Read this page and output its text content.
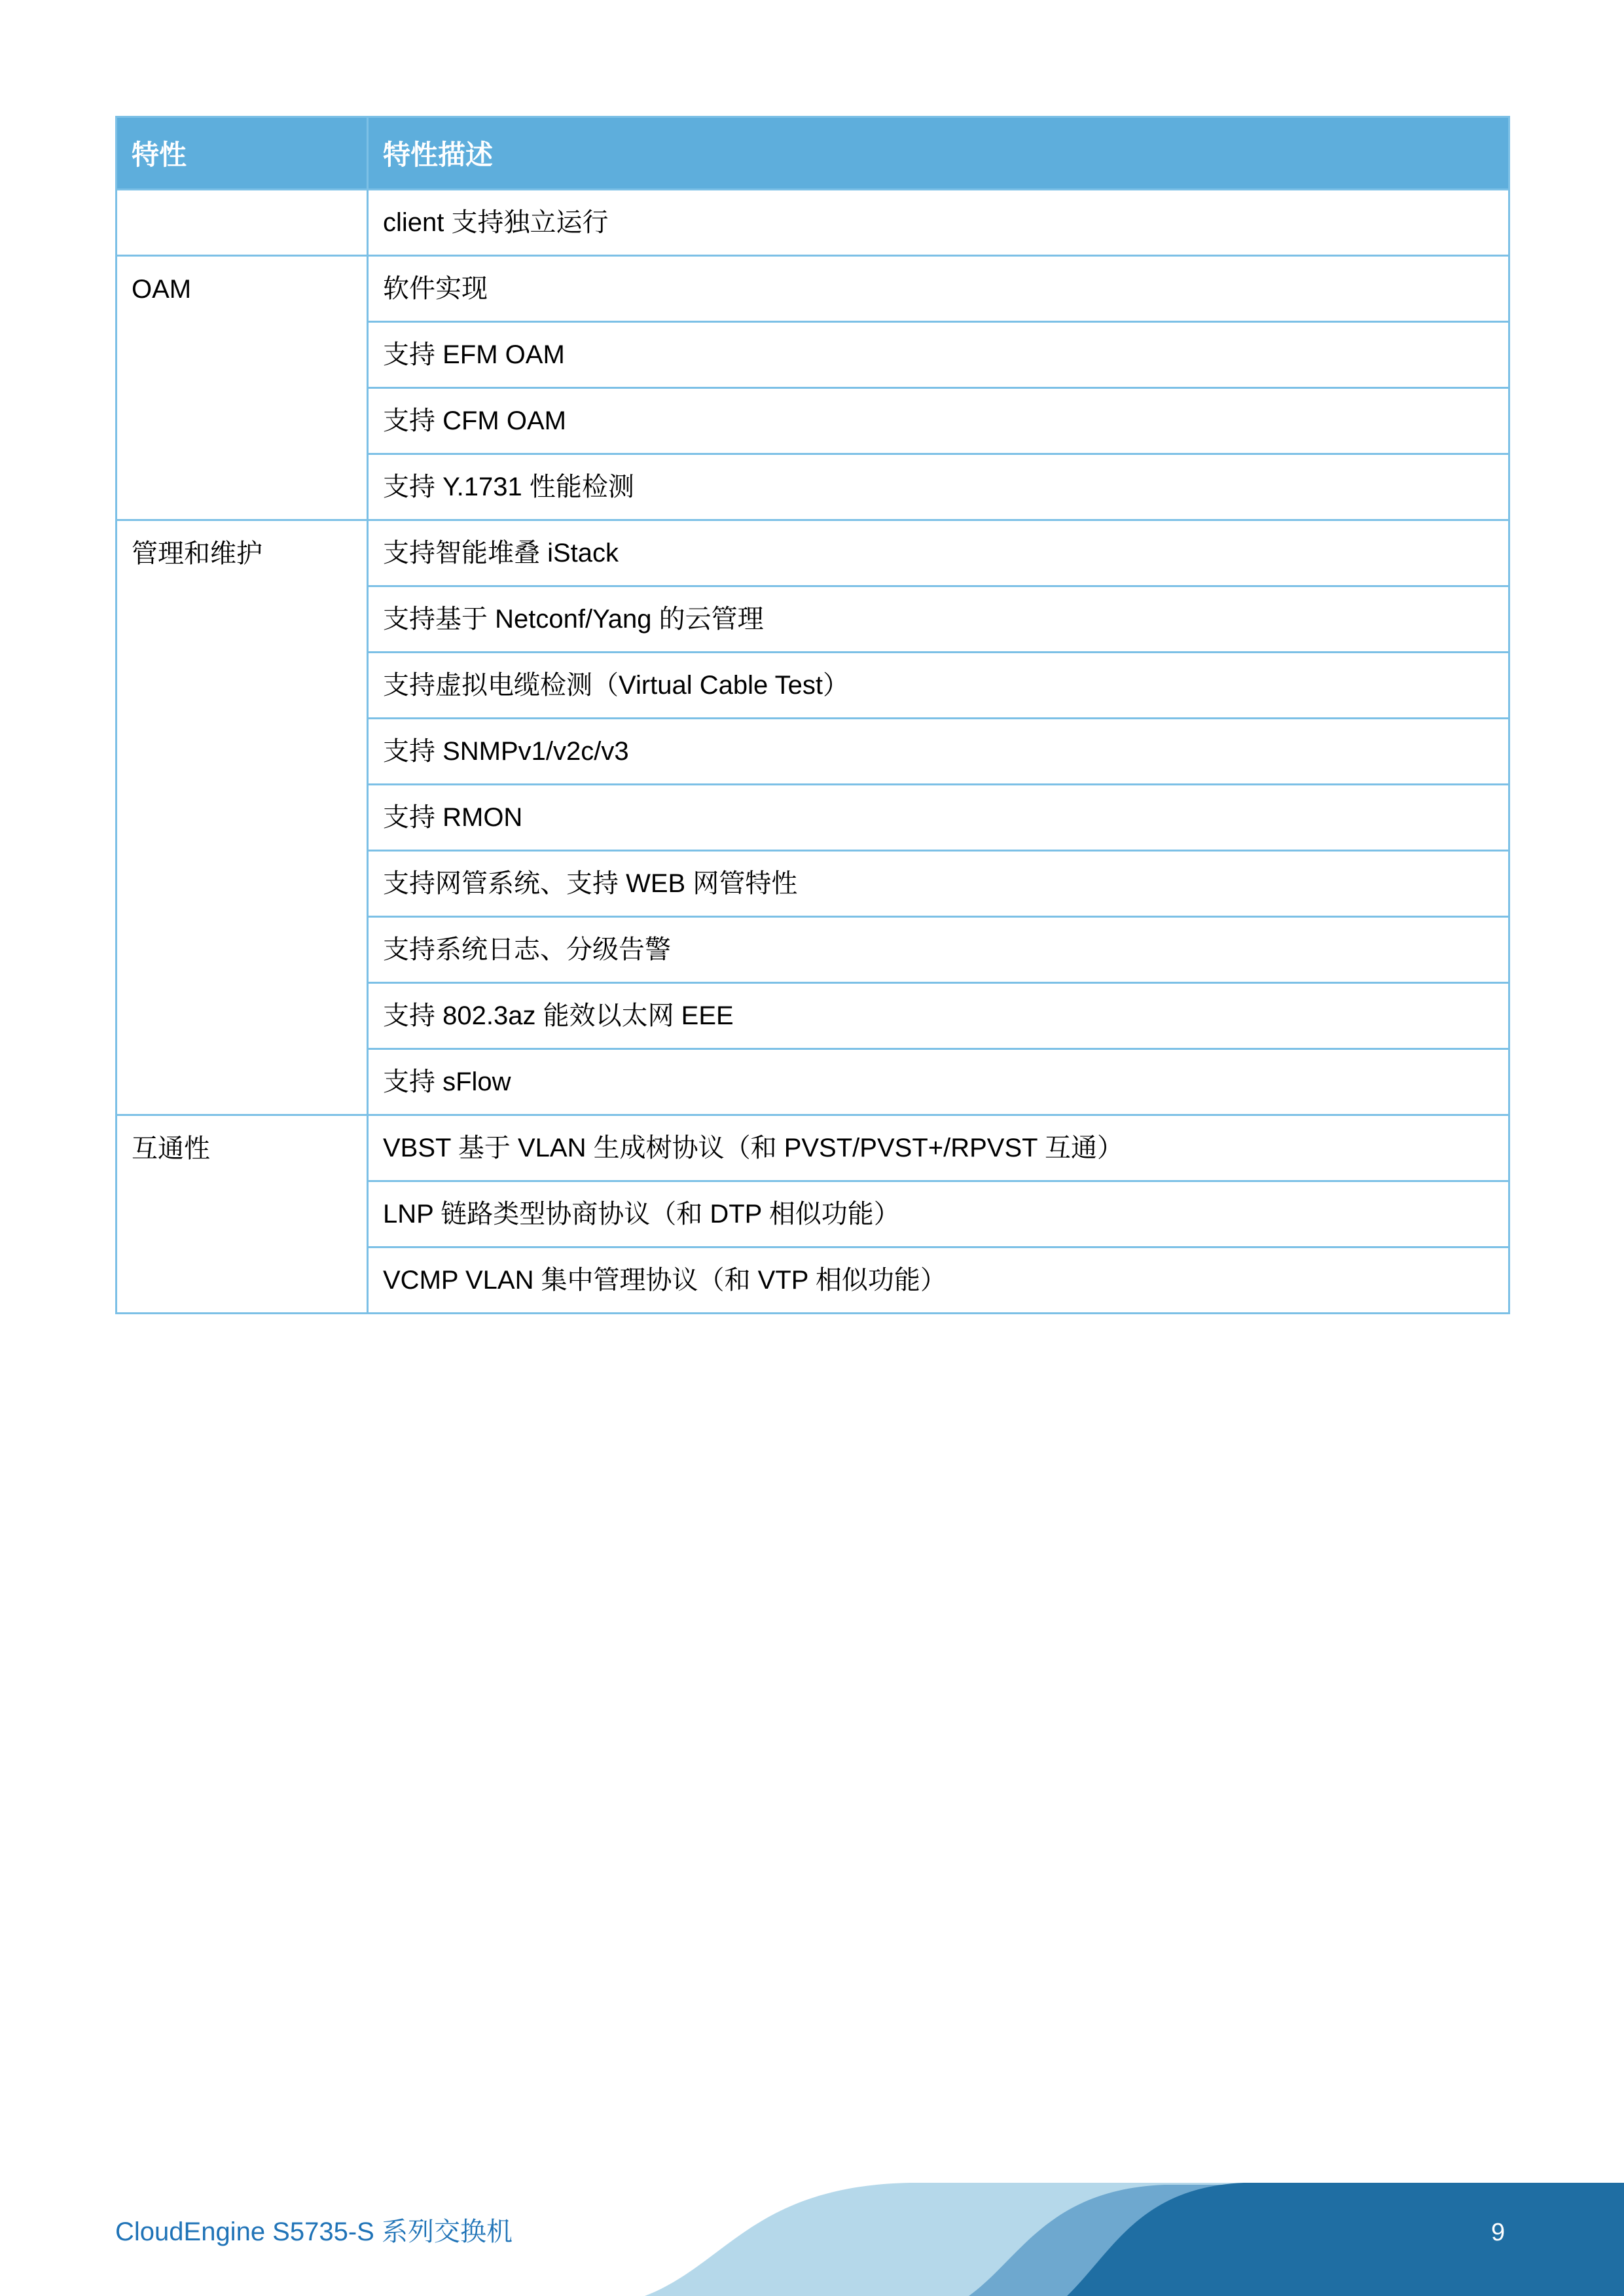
特性	特性描述
	client 支持独立运行
OAM	软件实现
	支持 EFM OAM
	支持 CFM OAM
	支持 Y.1731 性能检测
管理和维护	支持智能堆叠 iStack
	支持基于 Netconf/Yang 的云管理
	支持虚拟电缆检测（Virtual Cable Test）
	支持 SNMPv1/v2c/v3
	支持 RMON
	支持网管系统、支持 WEB 网管特性
	支持系统日志、分级告警
	支持 802.3az 能效以太网 EEE
	支持 sFlow
互通性	VBST 基于 VLAN 生成树协议（和 PVST/PVST+/RPVST 互通）
	LNP 链路类型协商协议（和 DTP 相似功能）
	VCMP VLAN 集中管理协议（和 VTP 相似功能）
CloudEngine S5735-S 系列交换机	9
